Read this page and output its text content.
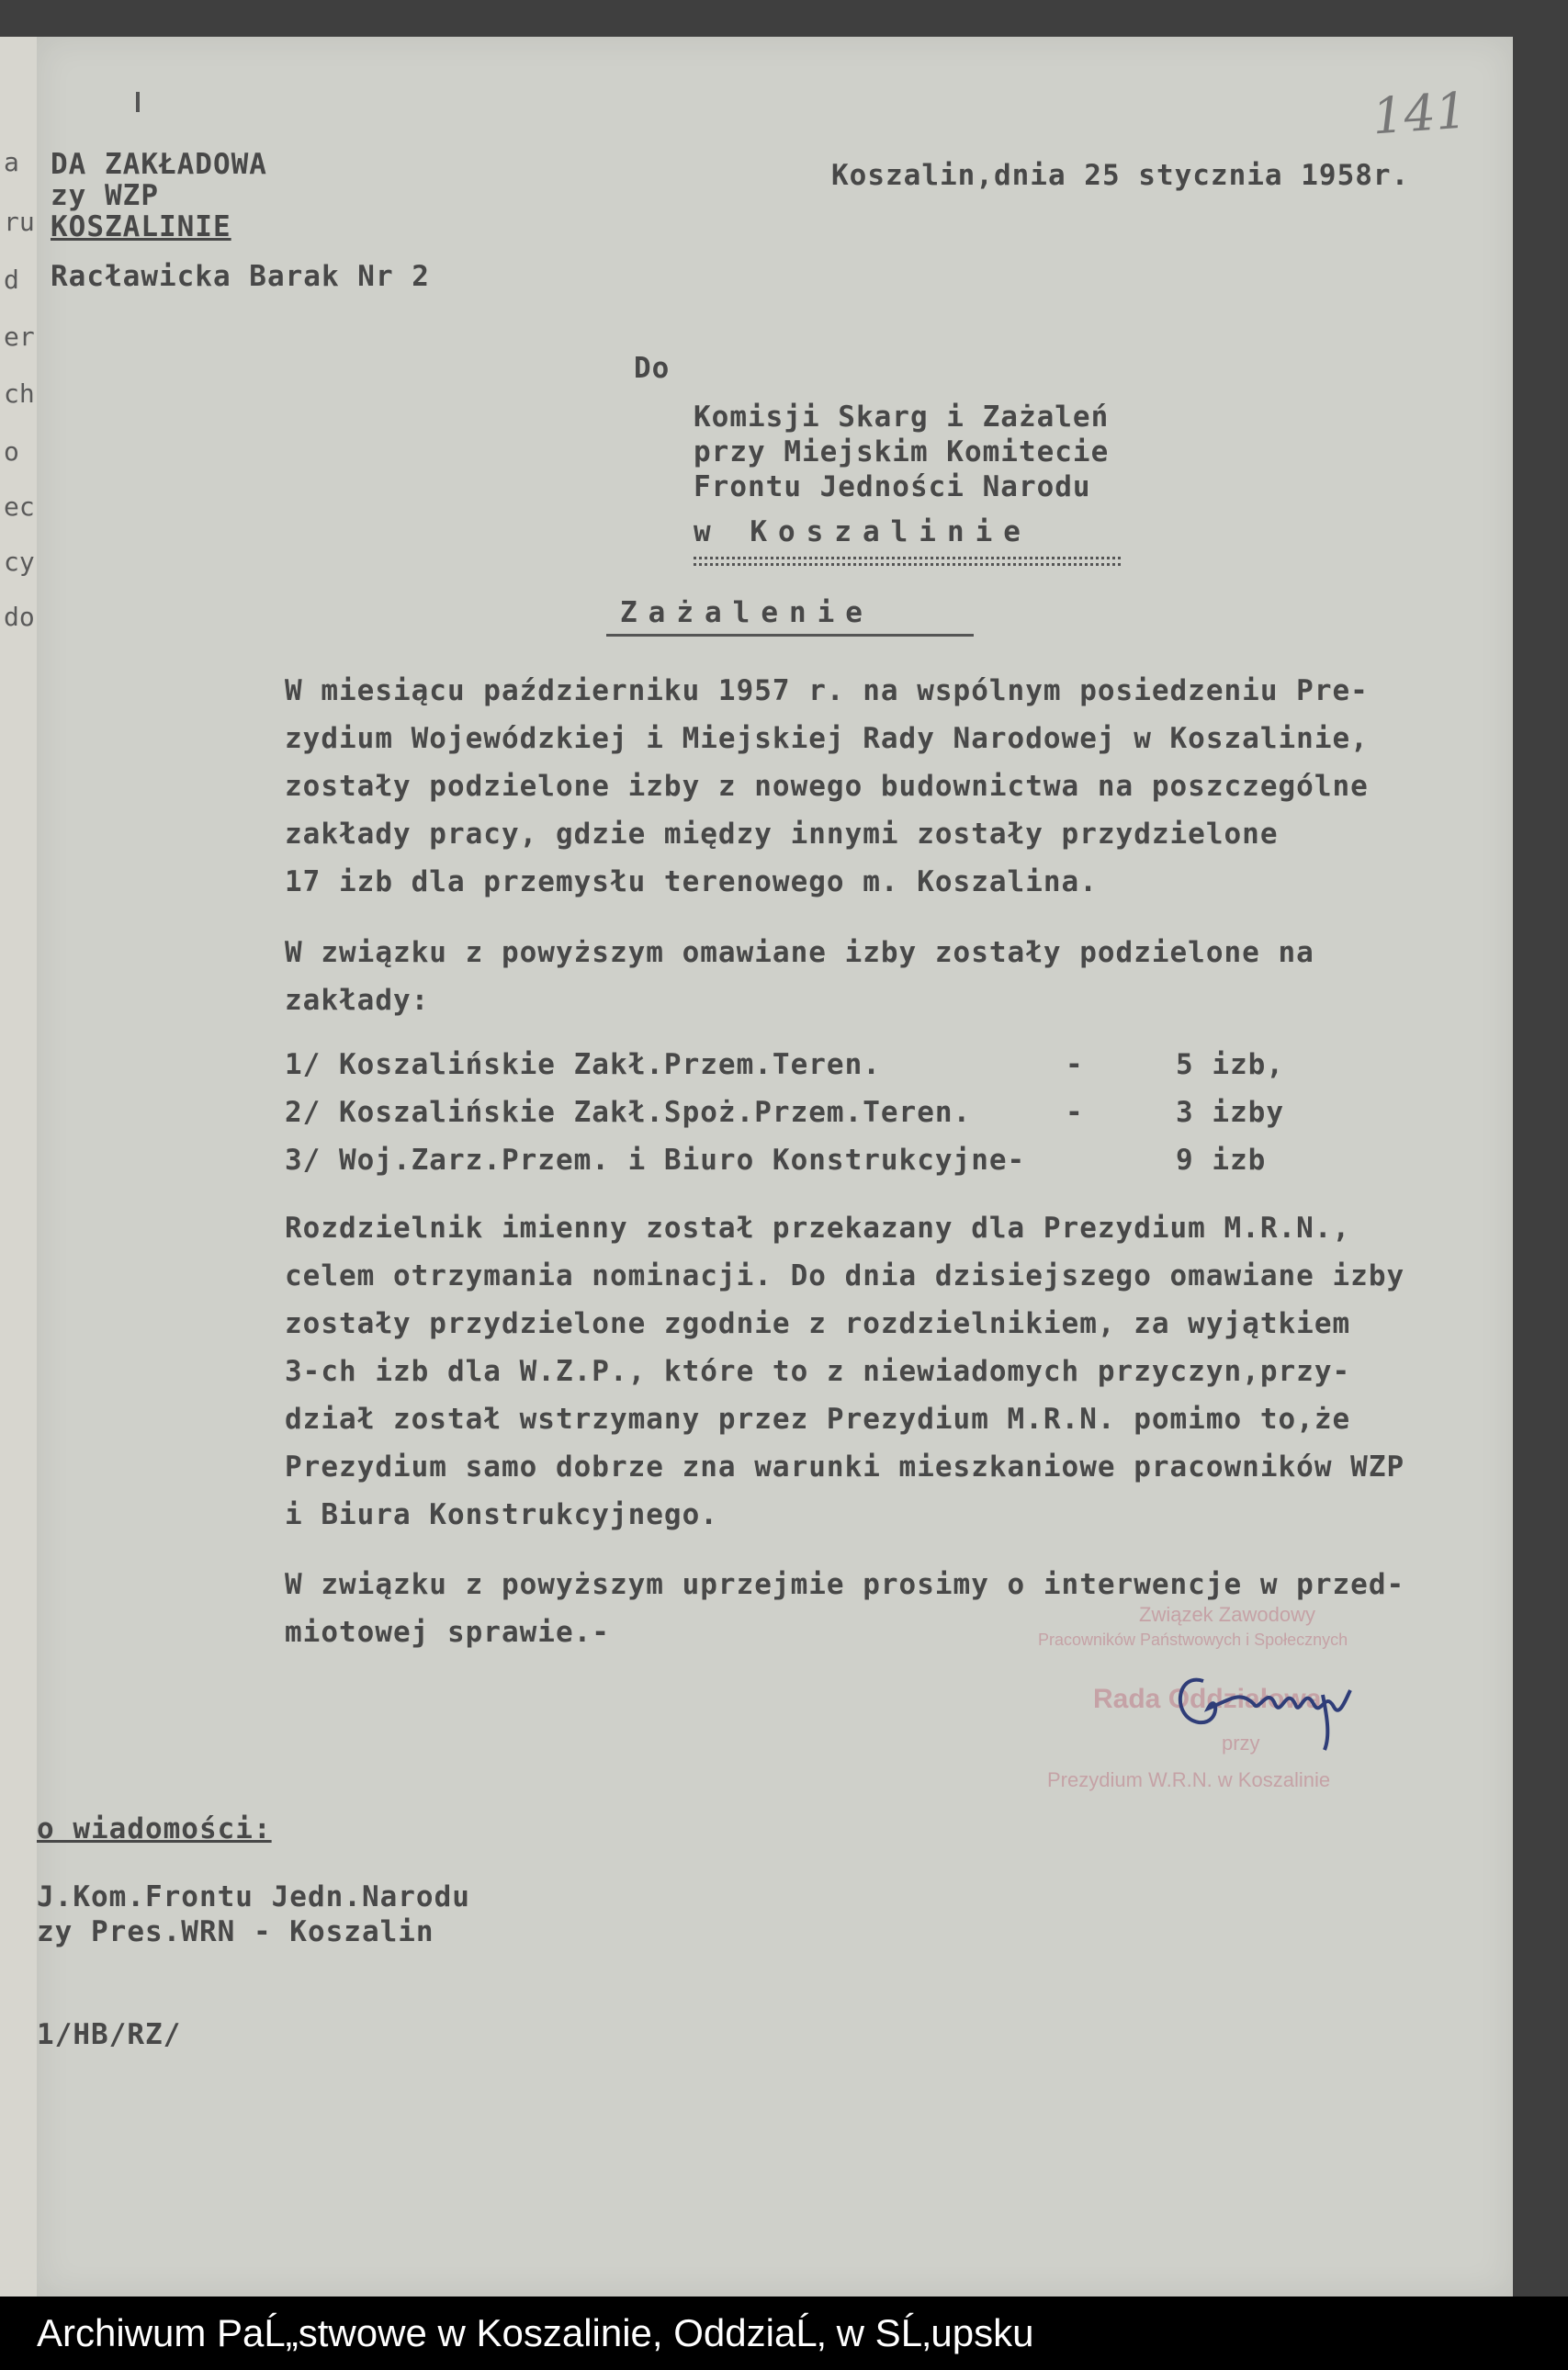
a
ru
d
er
ch
o
ec
cy
do
141
DA ZAKŁADOWA
zy WZP
KOSZALINIE
Racławicka Barak Nr 2
Koszalin,dnia 25 stycznia 1958r.
Do
Komisji Skarg i Zażaleń
przy Miejskim Komitecie
Frontu Jedności Narodu
w Koszalinie
Zażalenie
W miesiącu październiku 1957 r. na wspólnym posiedzeniu Pre-
zydium Wojewódzkiej i Miejskiej Rady Narodowej w Koszalinie,
zostały podzielone izby z nowego budownictwa na poszczególne
zakłady pracy, gdzie między innymi zostały przydzielone
17 izb dla przemysłu terenowego m. Koszalina.
W związku z powyższym omawiane izby zostały podzielone na
zakłady:
1/ Koszalińskie Zakł.Przem.Teren.	-	5 izb,
2/ Koszalińskie Zakł.Spoż.Przem.Teren.	-	3 izby
3/ Woj.Zarz.Przem. i Biuro Konstrukcyjne-	9 izb
Rozdzielnik imienny został przekazany dla Prezydium M.R.N.,
celem otrzymania nominacji. Do dnia dzisiejszego omawiane izby
zostały przydzielone zgodnie z rozdzielnikiem, za wyjątkiem
3-ch izb dla W.Z.P., które to z niewiadomych przyczyn,przy-
dział został wstrzymany przez Prezydium M.R.N. pomimo to,że
Prezydium samo dobrze zna warunki mieszkaniowe pracowników WZP
i Biura Konstrukcyjnego.
W związku z powyższym uprzejmie prosimy o interwencje w przed-
miotowej sprawie.-
Związek Zawodowy
Pracowników Państwowych i Społecznych
Rada Oddziałowa
przy
Prezydium W.R.N. w Koszalinie
o wiadomości:
J.Kom.Frontu Jedn.Narodu
zy Pres.WRN - Koszalin
1/HB/RZ/
Archiwum PaĹ„stwowe w Koszalinie, OddziaĹ‚ w SĹ‚upsku
